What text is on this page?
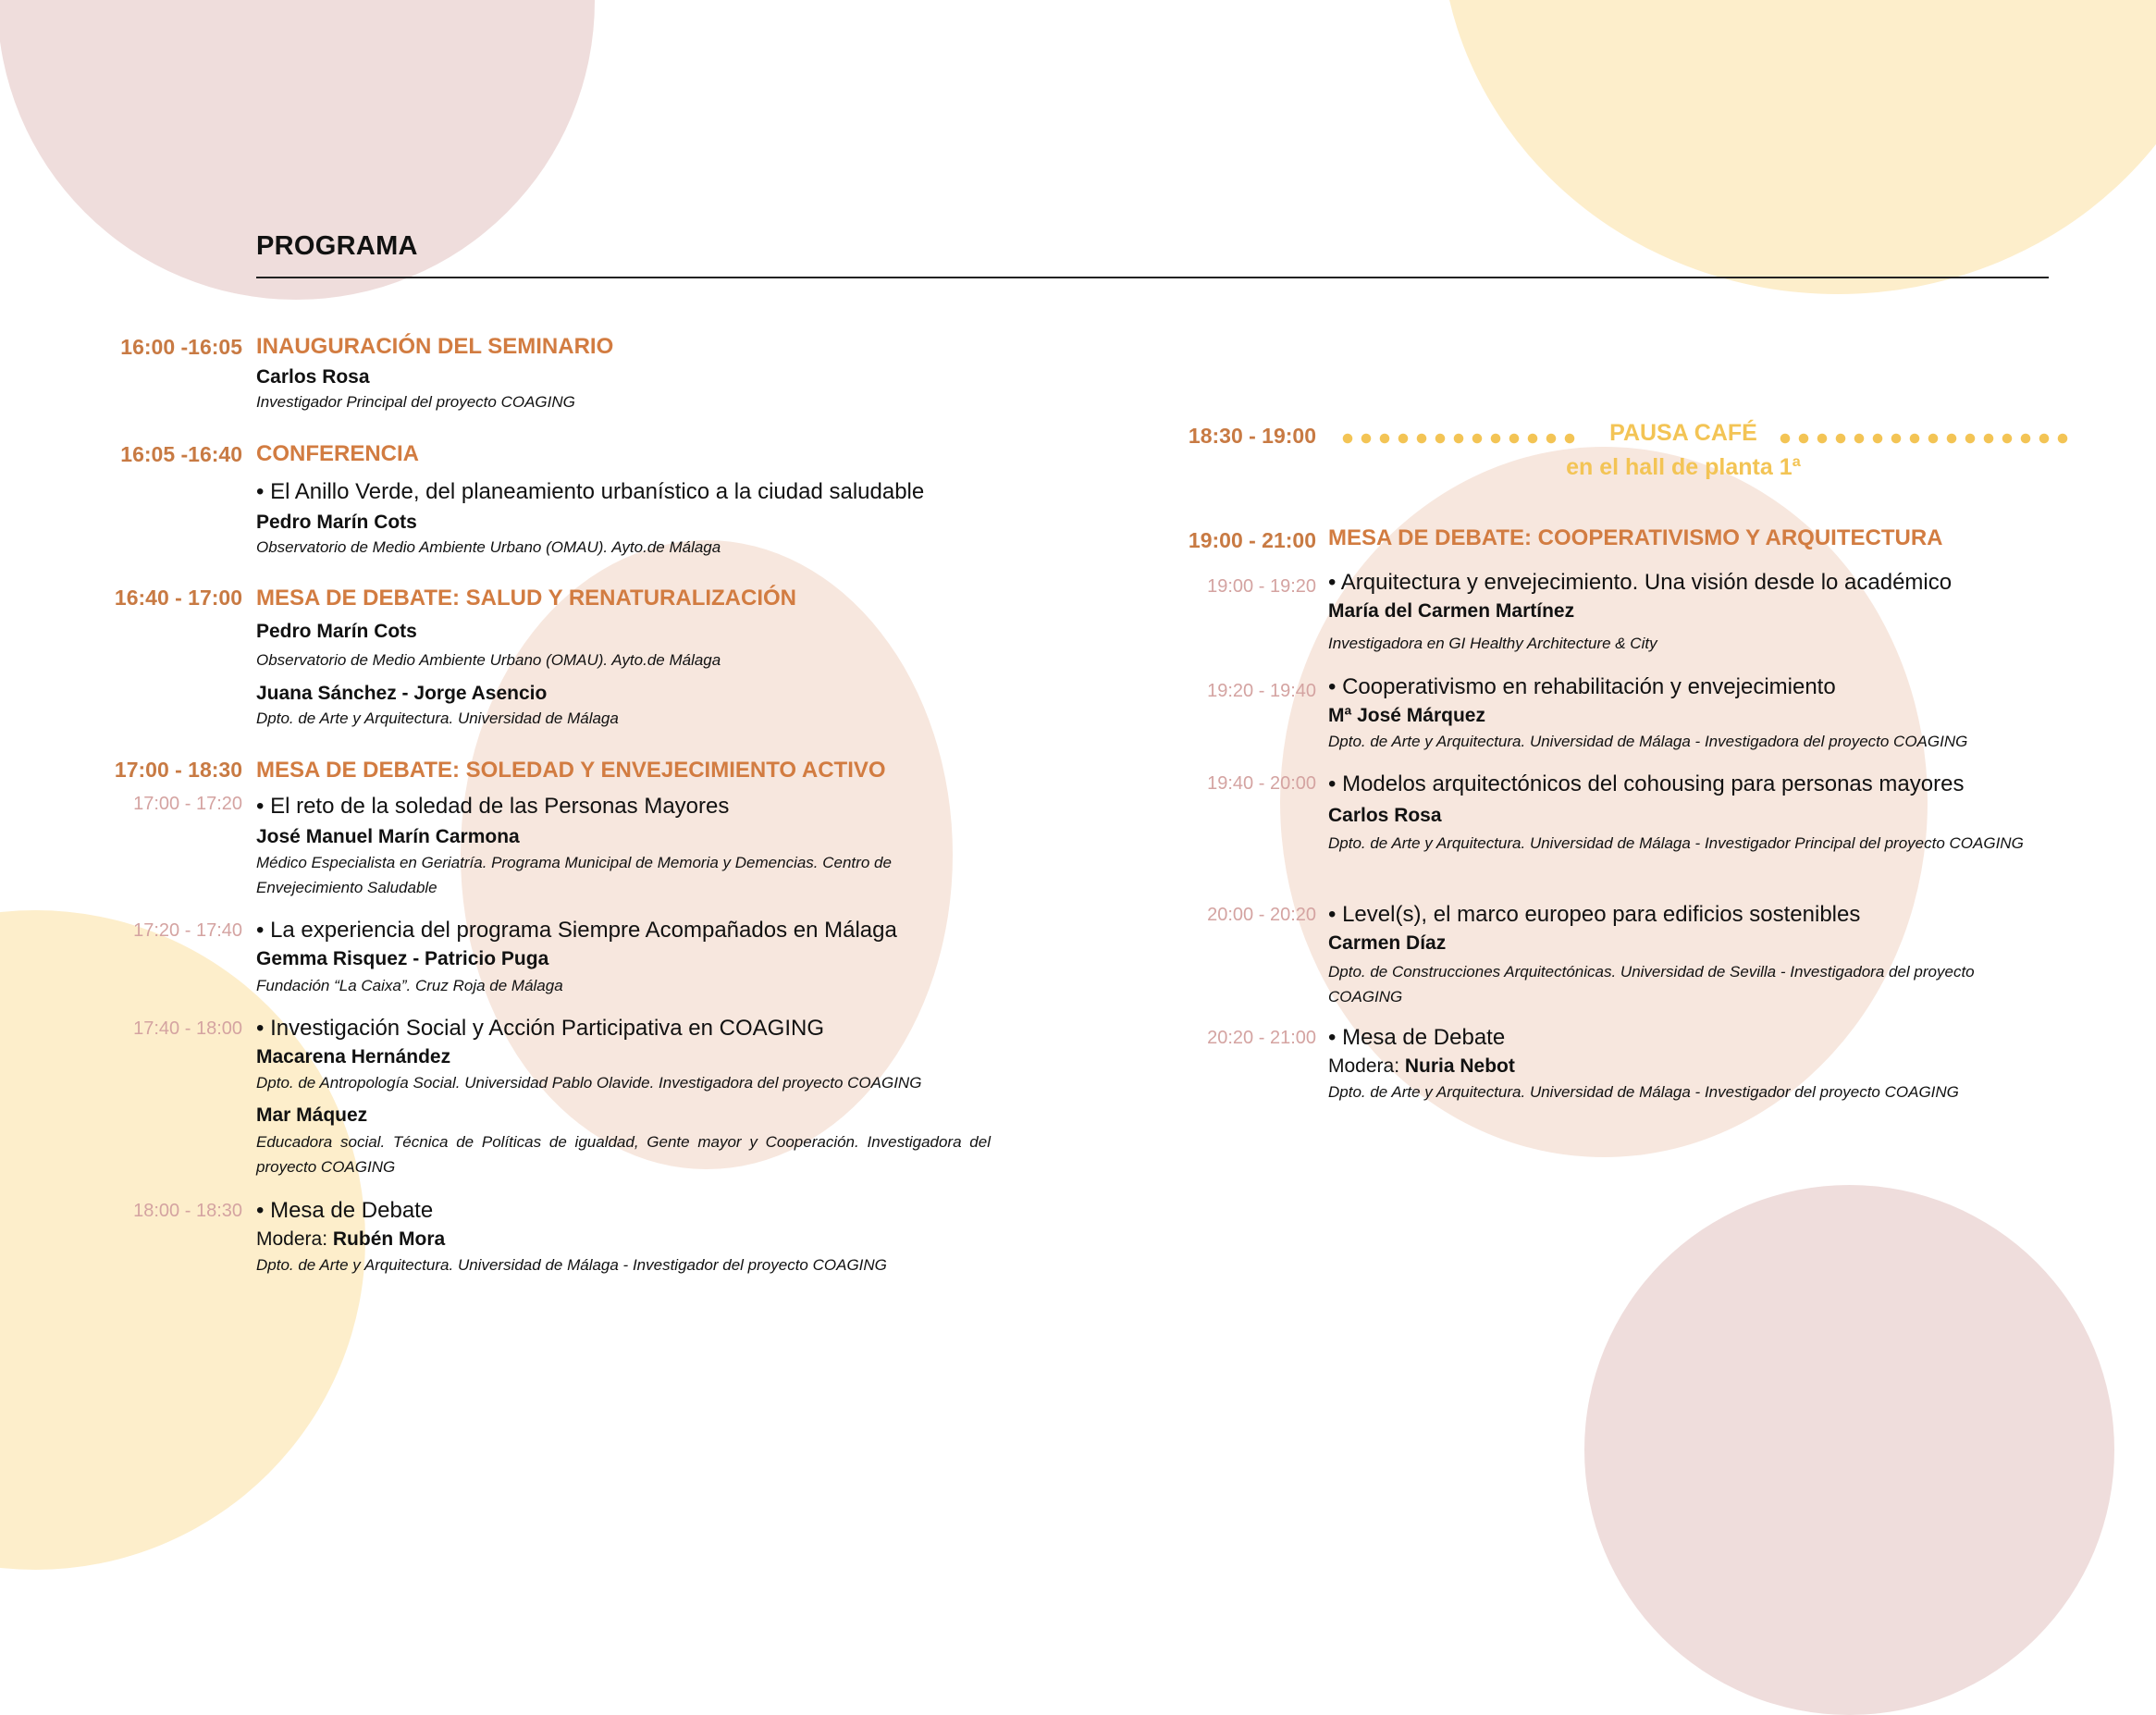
PROGRAMA
16:00 -16:05 INAUGURACIÓN DEL SEMINARIO
Carlos Rosa
Investigador Principal del proyecto COAGING
16:05 -16:40 CONFERENCIA
• El Anillo Verde, del planeamiento urbanístico a la ciudad saludable
Pedro Marín Cots
Observatorio de Medio Ambiente Urbano (OMAU). Ayto.de Málaga
16:40 - 17:00 MESA DE DEBATE: SALUD Y RENATURALIZACIÓN
Pedro Marín Cots
Observatorio de Medio Ambiente Urbano (OMAU). Ayto.de Málaga
Juana Sánchez - Jorge Asencio
Dpto. de Arte y Arquitectura. Universidad de Málaga
17:00 - 18:30 MESA DE DEBATE: SOLEDAD Y ENVEJECIMIENTO ACTIVO
17:00 - 17:20 • El reto de la soledad de las Personas Mayores
José Manuel Marín Carmona
Médico Especialista en Geriatría. Programa Municipal de Memoria y Demencias. Centro de Envejecimiento Saludable
17:20 - 17:40 • La experiencia del programa Siempre Acompañados en Málaga
Gemma Risquez - Patricio Puga
Fundación “La Caixa”. Cruz Roja de Málaga
17:40 - 18:00 • Investigación Social y Acción Participativa en COAGING
Macarena Hernández
Dpto. de Antropología Social. Universidad Pablo Olavide. Investigadora del proyecto COAGING
Mar Máquez
Educadora social. Técnica de Políticas de igualdad, Gente mayor y Cooperación. Investigadora del proyecto COAGING
18:00 - 18:30 • Mesa de Debate
Modera: Rubén Mora
Dpto. de Arte y Arquitectura. Universidad de Málaga - Investigador del proyecto COAGING
18:30 - 19:00	PAUSA CAFÉ
en el hall de planta 1ª
19:00 - 21:00 MESA DE DEBATE: COOPERATIVISMO Y ARQUITECTURA
19:00 - 19:20 • Arquitectura y envejecimiento. Una visión desde lo académico
María del Carmen Martínez
Investigadora en GI Healthy Architecture & City
19:20 - 19:40 • Cooperativismo en rehabilitación y envejecimiento
Mª José Márquez
Dpto. de Arte y Arquitectura. Universidad de Málaga - Investigadora del proyecto COAGING
19:40 - 20:00 • Modelos arquitectónicos del cohousing para personas mayores
Carlos Rosa
Dpto. de Arte y Arquitectura. Universidad de Málaga - Investigador Principal del proyecto COAGING
20:00 - 20:20 • Level(s), el marco europeo para edificios sostenibles
Carmen Díaz
Dpto. de Construcciones Arquitectónicas. Universidad de Sevilla - Investigadora del proyecto COAGING
20:20 - 21:00 • Mesa de Debate
Modera: Nuria Nebot
Dpto. de Arte y Arquitectura. Universidad de Málaga - Investigador del proyecto COAGING
